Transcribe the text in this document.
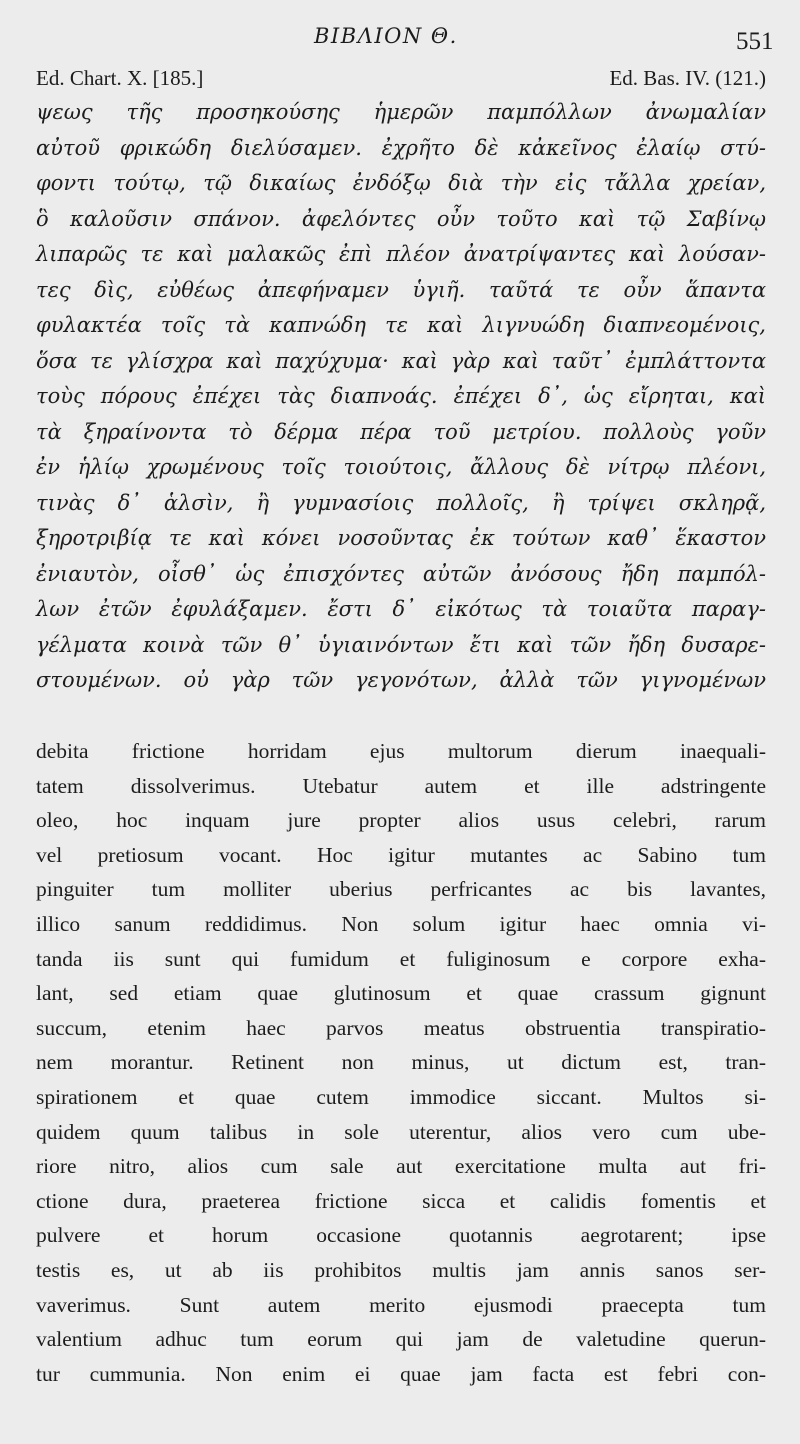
BIBΛΙΟΝ Θ.	551
Ed. Chart. X. [185.]	Ed. Bas. IV. (121.)
ψεως τῆς προσηκούσης ἡμερῶν παμπόλλων ἀνωμαλίαν
αὐτοῦ φρικώδη διελύσαμεν. ἐχρῆτο δὲ κἀκεῖνος ἐλαίῳ στύ-
φοντι τούτῳ, τῷ δικαίως ἐνδόξῳ διὰ τὴν εἰς τἄλλα χρείαν,
ὃ καλοῦσιν σπάνον. ἀφελόντες οὖν τοῦτο καὶ τῷ Σαβίνῳ
λιπαρῶς τε καὶ μαλακῶς ἐπὶ πλέον ἀνατρίψαντες καὶ λούσαν-
τες δὶς, εὐθέως ἀπεφήναμεν ὑγιῆ. ταῦτά τε οὖν ἅπαντα
φυλακτέα τοῖς τὰ καπνώδη τε καὶ λιγνυώδη διαπνεομένοις,
ὅσα τε γλίσχρα καὶ παχύχυμα· καὶ γὰρ καὶ ταῦτ᾽ ἐμπλάττοντα
τοὺς πόρους ἐπέχει τὰς διαπνοάς. ἐπέχει δ᾽, ὡς εἴρηται, καὶ
τὰ ξηραίνοντα τὸ δέρμα πέρα τοῦ μετρίου. πολλοὺς γοῦν
ἐν ἡλίῳ χρωμένους τοῖς τοιούτοις, ἄλλους δὲ νίτρῳ πλέονι,
τινὰς δ᾽ ἁλσὶν, ἢ γυμνασίοις πολλοῖς, ἢ τρίψει σκληρᾷ,
ξηροτριβίᾳ τε καὶ κόνει νοσοῦντας ἐκ τούτων καθ᾽ ἕκαστον
ἐνιαυτὸν, οἶσθ᾽ ὡς ἐπισχόντες αὐτῶν ἀνόσους ἤδη παμπόλ-
λων ἐτῶν ἐφυλάξαμεν. ἔστι δ᾽ εἰκότως τὰ τοιαῦτα παραγ-
γέλματα κοινὰ τῶν θ᾽ ὑγιαινόντων ἔτι καὶ τῶν ἤδη δυσαρε-
στουμένων. οὐ γὰρ τῶν γεγονότων, ἀλλὰ τῶν γιγνομένων
debita frictione horridam ejus multorum dierum inaequali-
tatem dissolverimus. Utebatur autem et ille adstringente
oleo, hoc inquam jure propter alios usus celebri, rarum
vel pretiosum vocant. Hoc igitur mutantes ac Sabino tum
pinguiter tum molliter uberius perfricantes ac bis lavantes,
illico sanum reddidimus. Non solum igitur haec omnia vi-
tanda iis sunt qui fumidum et fuliginosum e corpore exha-
lant, sed etiam quae glutinosum et quae crassum gignunt
succum, etenim haec parvos meatus obstruentia transpiratio-
nem morantur. Retinent non minus, ut dictum est, tran-
spirationem et quae cutem immodice siccant. Multos si-
quidem quum talibus in sole uterentur, alios vero cum ube-
riore nitro, alios cum sale aut exercitatione multa aut fri-
ctione dura, praeterea frictione sicca et calidis fomentis et
pulvere et horum occasione quotannis aegrotarent; ipse
testis es, ut ab iis prohibitos multis jam annis sanos ser-
vaverimus. Sunt autem merito ejusmodi praecepta tum
valentium adhuc tum eorum qui jam de valetudine querun-
tur cummunia. Non enim ei quae jam facta est febri con-
